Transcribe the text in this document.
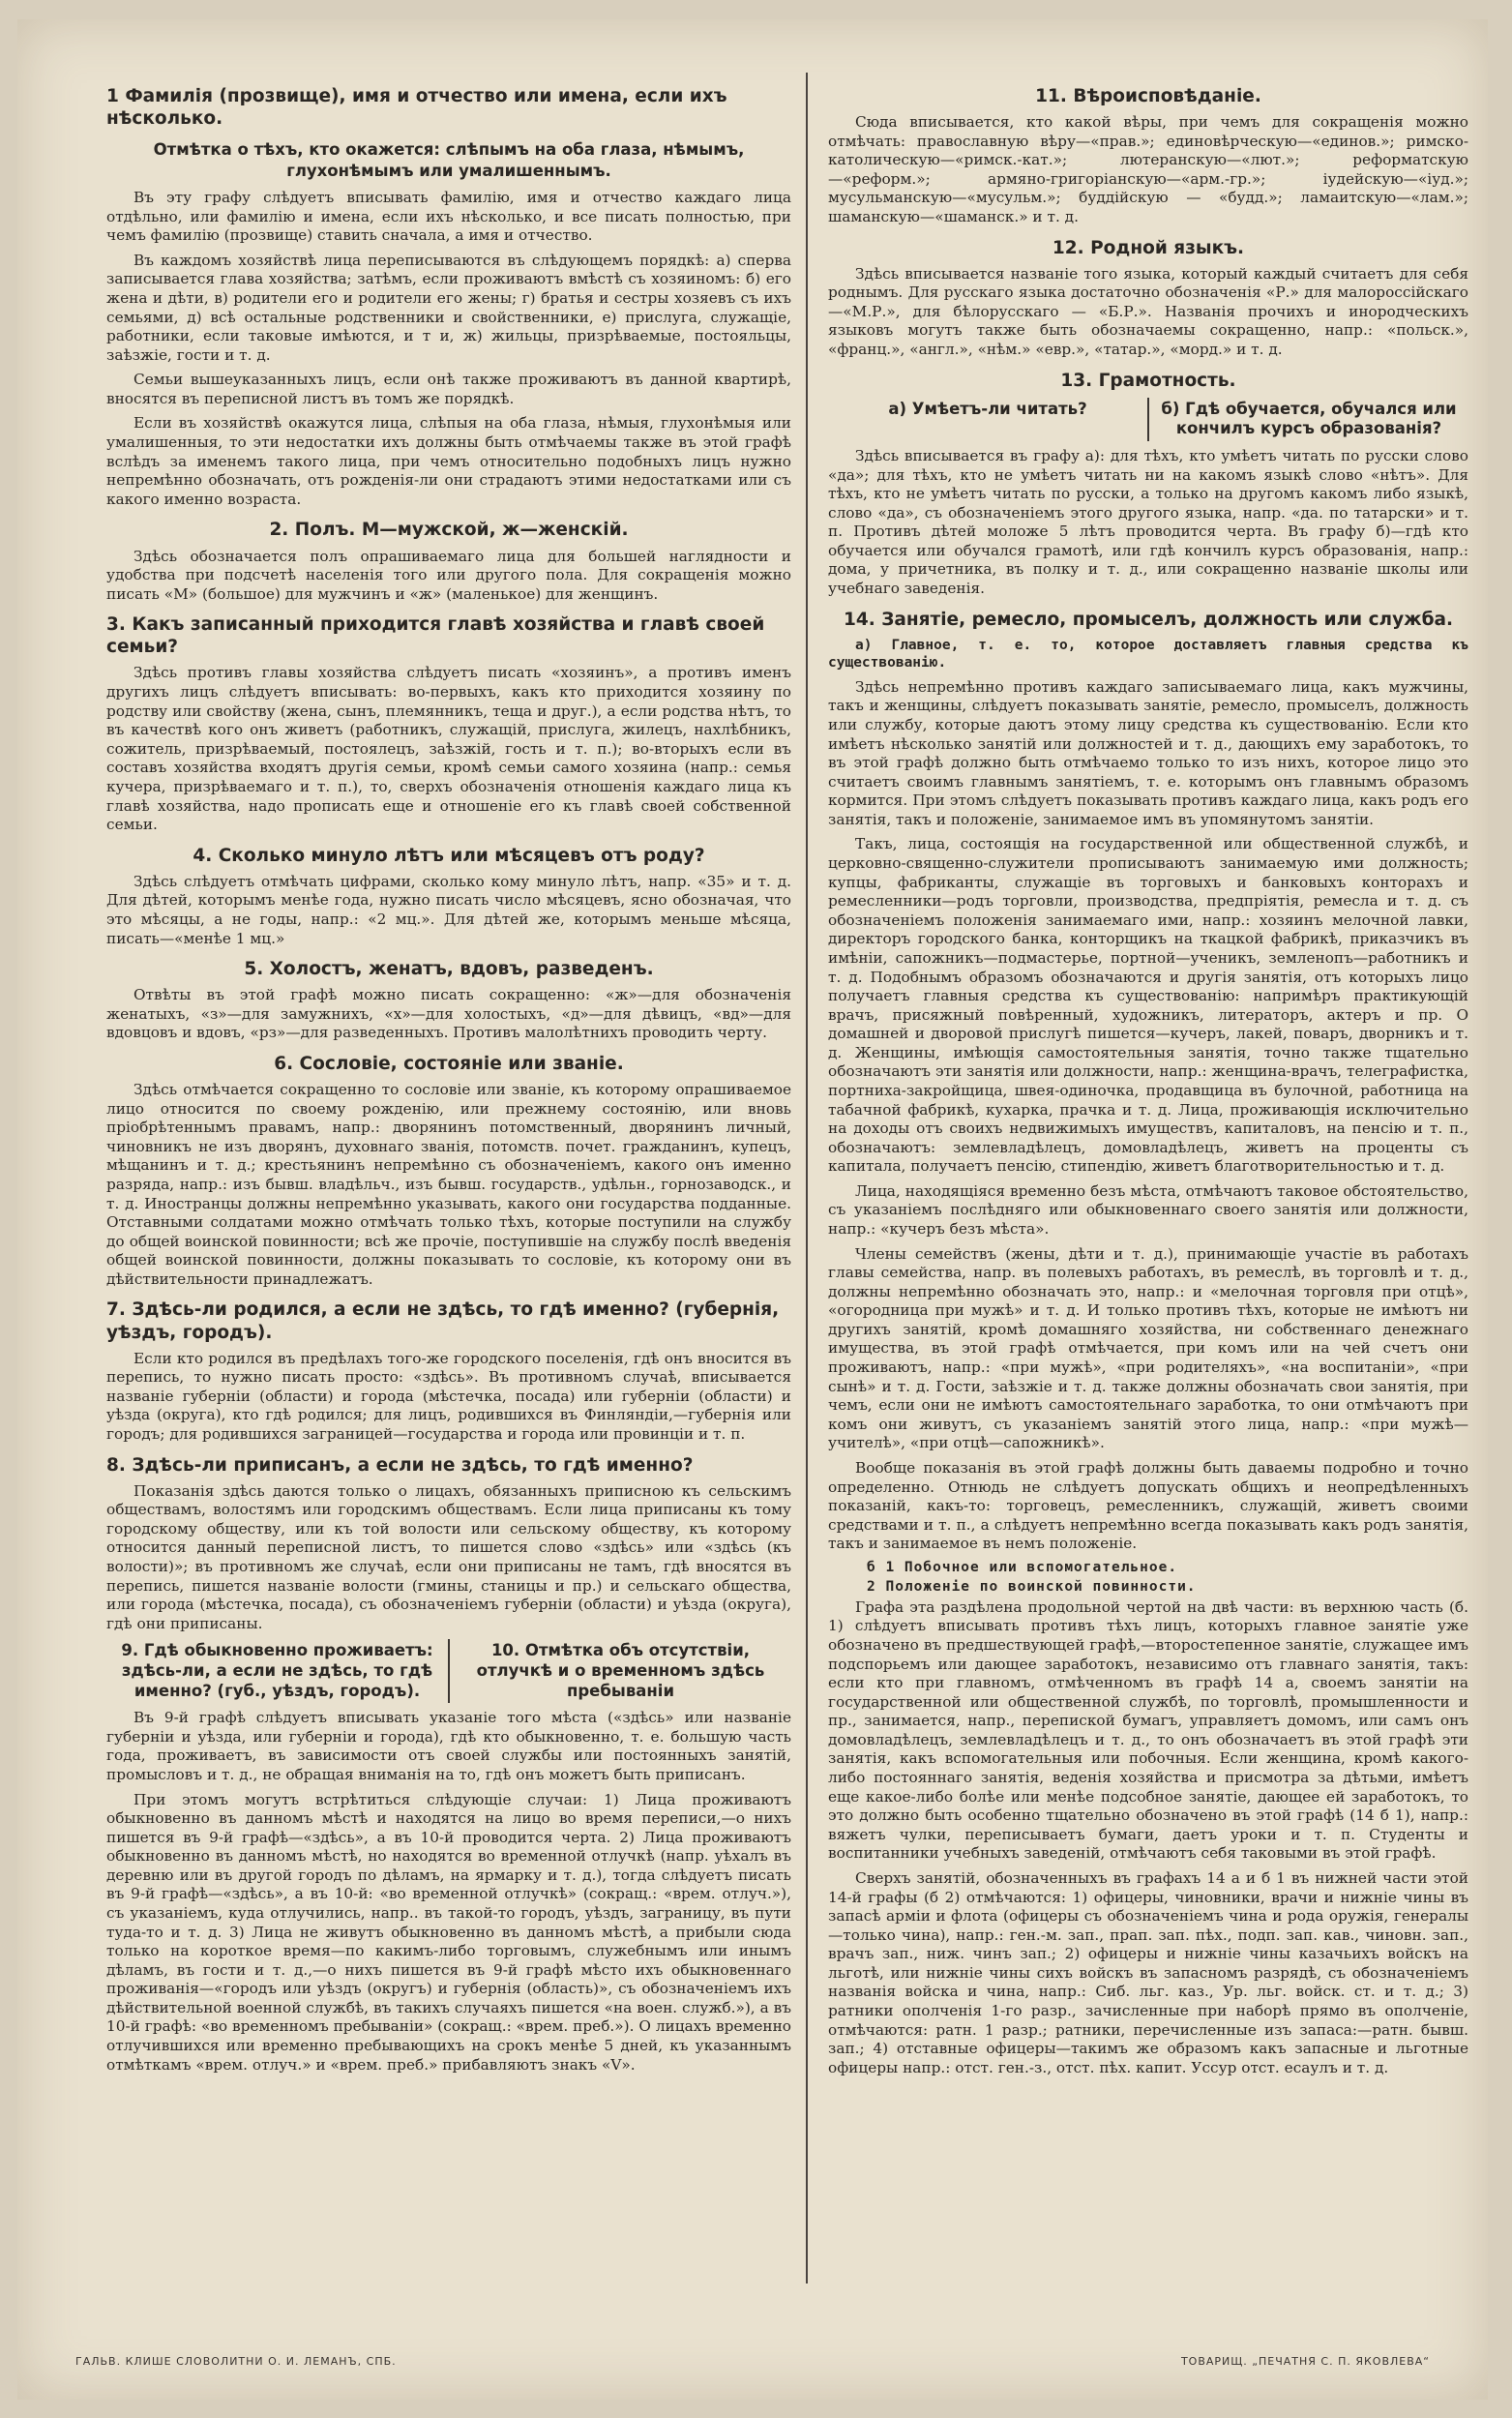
1 Фамилія (прозвище), имя и отчество или имена, если ихъ нѣсколько.
Отмѣтка о тѣхъ, кто окажется: слѣпымъ на оба глаза, нѣмымъ, глухонѣмымъ или умалишеннымъ.

Въ эту графу слѣдуетъ вписывать фамилію, имя и отчество каждаго лица отдѣльно, или фамилію и имена, если ихъ нѣсколько, и все писать полностью, при чемъ фамилію (прозвище) ставить сначала, а имя и отчество.

Въ каждомъ хозяйствѣ лица переписываются въ слѣдующемъ порядкѣ: а) сперва записывается глава хозяйства; затѣмъ, если проживаютъ вмѣстѣ съ хозяиномъ: б) его жена и дѣти, в) родители его и родители его жены; г) братья и сестры хозяевъ съ ихъ семьями, д) всѣ остальные родственники и свойственники, е) прислуга, служащіе, работники, если таковые имѣются, и т и, ж) жильцы, призрѣваемые, постояльцы, заѣзжіе, гости и т. д.

Семьи вышеуказанныхъ лицъ, если онѣ также проживаютъ въ данной квартирѣ, вносятся въ переписной листъ въ томъ же порядкѣ.

Если въ хозяйствѣ окажутся лица, слѣпыя на оба глаза, нѣмыя, глухонѣмыя или умалишенныя, то эти недостатки ихъ должны быть отмѣчаемы также въ этой графѣ вслѣдъ за именемъ такого лица, при чемъ относительно подобныхъ лицъ нужно непремѣнно обозначать, отъ рожденія-ли они страдаютъ этими недостатками или съ какого именно возраста.

2. Полъ. М—мужской, ж—женскій.

Здѣсь обозначается полъ опрашиваемаго лица для большей наглядности и удобства при подсчетѣ населенія того или другого пола. Для сокращенія можно писать «М» (большое) для мужчинъ и «ж» (маленькое) для женщинъ.

3. Какъ записанный приходится главѣ хозяйства и главѣ своей семьи?

Здѣсь противъ главы хозяйства слѣдуетъ писать «хозяинъ», а противъ именъ другихъ лицъ слѣдуетъ вписывать: во-первыхъ, какъ кто приходится хозяину по родству или свойству (жена, сынъ, племянникъ, теща и друг.), а если родства нѣтъ, то въ качествѣ кого онъ живетъ (работникъ, служащій, прислуга, жилецъ, нахлѣбникъ, сожитель, призрѣваемый, постоялецъ, заѣзжій, гость и т. п.); во-вторыхъ если въ составъ хозяйства входятъ другія семьи, кромѣ семьи самого хозяина (напр.: семья кучера, призрѣваемаго и т. п.), то, сверхъ обозначенія отношенія каждаго лица къ главѣ хозяйства, надо прописать еще и отношеніе его къ главѣ своей собственной семьи.

4. Сколько минуло лѣтъ или мѣсяцевъ отъ роду?

Здѣсь слѣдуетъ отмѣчать цифрами, сколько кому минуло лѣтъ, напр. «35» и т. д. Для дѣтей, которымъ менѣе года, нужно писать число мѣсяцевъ, ясно обозначая, что это мѣсяцы, а не годы, напр.: «2 мц.». Для дѣтей же, которымъ меньше мѣсяца, писать—«менѣе 1 мц.»

5. Холостъ, женатъ, вдовъ, разведенъ.

Отвѣты въ этой графѣ можно писать сокращенно: «ж»—для обозначенія женатыхъ, «з»—для замужнихъ, «х»—для холостыхъ, «д»—для дѣвицъ, «вд»—для вдовцовъ и вдовъ, «рз»—для разведенныхъ. Противъ малолѣтнихъ проводить черту.

6. Сословіе, состояніе или званіе.

Здѣсь отмѣчается сокращенно то сословіе или званіе, къ которому опрашиваемое лицо относится по своему рожденію, или прежнему состоянію, или вновь пріобрѣтеннымъ правамъ, напр.: дворянинъ потомственный, дворянинъ личный, чиновникъ не изъ дворянъ, духовнаго званія, потомств. почет. гражданинъ, купецъ, мѣщанинъ и т. д.; крестьянинъ непремѣнно съ обозначеніемъ, какого онъ именно разряда, напр.: изъ бывш. владѣльч., изъ бывш. государств., удѣльн., горнозаводск., и т. д. Иностранцы должны непремѣнно указывать, какого они государства подданные. Отставными солдатами можно отмѣчать только тѣхъ, которые поступили на службу до общей воинской повинности; всѣ же прочіе, поступившіе на службу послѣ введенія общей воинской повинности, должны показывать то сословіе, къ которому они въ дѣйствительности принадлежатъ.

7. Здѣсь-ли родился, а если не здѣсь, то гдѣ именно? (губернія, уѣздъ, городъ).

Если кто родился въ предѣлахъ того-же городского поселенія, гдѣ онъ вносится въ перепись, то нужно писать просто: «здѣсь». Въ противномъ случаѣ, вписывается названіе губерніи (области) и города (мѣстечка, посада) или губерніи (области) и уѣзда (округа), кто гдѣ родился; для лицъ, родившихся въ Финляндіи,—губернія или городъ; для родившихся заграницей—государства и города или провинціи и т. п.

8. Здѣсь-ли приписанъ, а если не здѣсь, то гдѣ именно?

Показанія здѣсь даются только о лицахъ, обязанныхъ приписною къ сельскимъ обществамъ, волостямъ или городскимъ обществамъ. Если лица приписаны къ тому городскому обществу, или къ той волости или сельскому обществу, къ которому относится данный переписной листъ, то пишется слово «здѣсь» или «здѣсь (къ волости)»; въ противномъ же случаѣ, если они приписаны не тамъ, гдѣ вносятся въ перепись, пишется названіе волости (гмины, станицы и пр.) и сельскаго общества, или города (мѣстечка, посада), съ обозначеніемъ губерніи (области) и уѣзда (округа), гдѣ они приписаны.

9. Гдѣ обыкновенно проживаетъ: здѣсь-ли, а если не здѣсь, то гдѣ именно? (губ., уѣздъ, городъ).
10. Отмѣтка объ отсутствіи, отлучкѣ и о временномъ здѣсь пребываніи

Въ 9-й графѣ слѣдуетъ вписывать указаніе того мѣста («здѣсь» или названіе губерніи и уѣзда, или губерніи и города), гдѣ кто обыкновенно, т. е. большую часть года, проживаетъ, въ зависимости отъ своей службы или постоянныхъ занятій, промысловъ и т. д., не обращая вниманія на то, гдѣ онъ можетъ быть приписанъ.

При этомъ могутъ встрѣтиться слѣдующіе случаи: 1) Лица проживаютъ обыкновенно въ данномъ мѣстѣ и находятся на лицо во время переписи,—о нихъ пишется въ 9-й графѣ—«здѣсь», а въ 10-й проводится черта. 2) Лица проживаютъ обыкновенно въ данномъ мѣстѣ, но находятся во временной отлучкѣ (напр. уѣхалъ въ деревню или въ другой городъ по дѣламъ, на ярмарку и т. д.), тогда слѣдуетъ писать въ 9-й графѣ—«здѣсь», а въ 10-й: «во временной отлучкѣ» (сокращ.: «врем. отлуч.»), съ указаніемъ, куда отлучились, напр.. въ такой-то городъ, уѣздъ, заграницу, въ пути туда-то и т. д. 3) Лица не живутъ обыкновенно въ данномъ мѣстѣ, а прибыли сюда только на короткое время—по какимъ-либо торговымъ, служебнымъ или инымъ дѣламъ, въ гости и т. д.,—о нихъ пишется въ 9-й графѣ мѣсто ихъ обыкновеннаго проживанія—«городъ или уѣздъ (округъ) и губернія (область)», съ обозначеніемъ ихъ дѣйствительной военной службѣ, въ такихъ случаяхъ пишется «на воен. служб.»), а въ 10-й графѣ: «во временномъ пребываніи» (сокращ.: «врем. преб.»). О лицахъ временно отлучившихся или временно пребывающихъ на срокъ менѣе 5 дней, къ указаннымъ отмѣткамъ «врем. отлуч.» и «врем. преб.» прибавляютъ знакъ «V».

11. Вѣроисповѣданіе.

Сюда вписывается, кто какой вѣры, при чемъ для сокращенія можно отмѣчать: православную вѣру—«прав.»; единовѣрческую—«единов.»; римско-католическую—«римск.-кат.»; лютеранскую—«лют.»; реформатскую—«реформ.»; армяно-григоріанскую—«арм.-гр.»; іудейскую—«іуд.»; мусульманскую—«мусульм.»; буддійскую — «будд.»; ламаитскую—«лам.»; шаманскую—«шаманск.» и т. д.

12. Родной языкъ.

Здѣсь вписывается названіе того языка, который каждый считаетъ для себя роднымъ. Для русскаго языка достаточно обозначенія «Р.» для малороссійскаго—«М.Р.», для бѣлорусскаго — «Б.Р.». Названія прочихъ и инородческихъ языковъ могутъ также быть обозначаемы сокращенно, напр.: «польск.», «франц.», «англ.», «нѣм.» «евр.», «татар.», «морд.» и т. д.

13. Грамотность.
а) Умѣетъ-ли читать?	б) Гдѣ обучается, обучался или кончилъ курсъ образованія?

Здѣсь вписывается въ графу а): для тѣхъ, кто умѣетъ читать по русски слово «да»; для тѣхъ, кто не умѣетъ читать ни на какомъ языкѣ слово «нѣтъ». Для тѣхъ, кто не умѣетъ читать по русски, а только на другомъ какомъ либо языкѣ, слово «да», съ обозначеніемъ этого другого языка, напр. «да. по татарски» и т. п. Противъ дѣтей моложе 5 лѣтъ проводится черта. Въ графу б)—гдѣ кто обучается или обучался грамотѣ, или гдѣ кончилъ курсъ образованія, напр.: дома, у причетника, въ полку и т. д., или сокращенно названіе школы или учебнаго заведенія.

14. Занятіе, ремесло, промыселъ, должность или служба.

а) Главное, т. е. то, которое доставляетъ главныя средства къ существованію.

Здѣсь непремѣнно противъ каждаго записываемаго лица, какъ мужчины, такъ и женщины, слѣдуетъ показывать занятіе, ремесло, промыселъ, должность или службу, которые даютъ этому лицу средства къ существованію. Если кто имѣетъ нѣсколько занятій или должностей и т. д., дающихъ ему заработокъ, то въ этой графѣ должно быть отмѣчаемо только то изъ нихъ, которое лицо это считаетъ своимъ главнымъ занятіемъ, т. е. которымъ онъ главнымъ образомъ кормится. При этомъ слѣдуетъ показывать противъ каждаго лица, какъ родъ его занятія, такъ и положеніе, занимаемое имъ въ упомянутомъ занятіи.

Такъ, лица, состоящія на государственной или общественной службѣ, и церковно-священно-служители прописываютъ занимаемую ими должность; купцы, фабриканты, служащіе въ торговыхъ и банковыхъ конторахъ и ремесленники—родъ торговли, производства, предпріятія, ремесла и т. д. съ обозначеніемъ положенія занимаемаго ими, напр.: хозяинъ мелочной лавки, директоръ городского банка, конторщикъ на ткацкой фабрикѣ, приказчикъ въ имѣніи, сапожникъ—подмастерье, портной—ученикъ, земленопъ—работникъ и т. д. Подобнымъ образомъ обозначаются и другія занятія, отъ которыхъ лицо получаетъ главныя средства къ существованію: напримѣръ практикующій врачъ, присяжный повѣренный, художникъ, литераторъ, актеръ и пр. О домашней и дворовой прислугѣ пишется—кучеръ, лакей, поваръ, дворникъ и т. д. Женщины, имѣющія самостоятельныя занятія, точно также тщательно обозначаютъ эти занятія или должности, напр.: женщина-врачъ, телеграфистка, портниха-закройщица, швея-одиночка, продавщица въ булочной, работница на табачной фабрикѣ, кухарка, прачка и т. д. Лица, проживающія исключительно на доходы отъ своихъ недвижимыхъ имуществъ, капиталовъ, на пенсію и т. п., обозначаютъ: землевладѣлецъ, домовладѣлецъ, живетъ на проценты съ капитала, получаетъ пенсію, стипендію, живетъ благотворительностью и т. д.

Лица, находящіяся временно безъ мѣста, отмѣчаютъ таковое обстоятельство, съ указаніемъ послѣдняго или обыкновеннаго своего занятія или должности, напр.: «кучеръ безъ мѣста».

Члены семействъ (жены, дѣти и т. д.), принимающіе участіе въ работахъ главы семейства, напр. въ полевыхъ работахъ, въ ремеслѣ, въ торговлѣ и т. д., должны непремѣнно обозначать это, напр.: и «мелочная торговля при отцѣ», «огородница при мужѣ» и т. д. И только противъ тѣхъ, которые не имѣютъ ни другихъ занятій, кромѣ домашняго хозяйства, ни собственнаго денежнаго имущества, въ этой графѣ отмѣчается, при комъ или на чей счетъ они проживаютъ, напр.: «при мужѣ», «при родителяхъ», «на воспитаніи», «при сынѣ» и т. д. Гости, заѣзжіе и т. д. также должны обозначать свои занятія, при чемъ, если они не имѣютъ самостоятельнаго заработка, то они отмѣчаютъ при комъ они живутъ, съ указаніемъ занятій этого лица, напр.: «при мужѣ—учителѣ», «при отцѣ—сапожникѣ».

Вообще показанія въ этой графѣ должны быть даваемы подробно и точно определенно. Отнюдь не слѣдуетъ допускать общихъ и неопредѣленныхъ показаній, какъ-то: торговецъ, ремесленникъ, служащій, живетъ своими средствами и т. п., а слѣдуетъ непремѣнно всегда показывать какъ родъ занятія, такъ и занимаемое въ немъ положеніе.

б 1 Побочное или вспомогательное.
2 Положеніе по воинской повинности.

Графа эта раздѣлена продольной чертой на двѣ части: въ верхнюю часть (б. 1) слѣдуетъ вписывать противъ тѣхъ лицъ, которыхъ главное занятіе уже обозначено въ предшествующей графѣ,—второстепенное занятіе, служащее имъ подспорьемъ или дающее заработокъ, независимо отъ главнаго занятія, такъ: если кто при главномъ, отмѣченномъ въ графѣ 14 а, своемъ занятіи на государственной или общественной службѣ, по торговлѣ, промышленности и пр., занимается, напр., перепиской бумагъ, управляетъ домомъ, или самъ онъ домовладѣлецъ, землевладѣлецъ и т. д., то онъ обозначаетъ въ этой графѣ эти занятія, какъ вспомогательныя или побочныя. Если женщина, кромѣ какого-либо постояннаго занятія, веденія хозяйства и присмотра за дѣтьми, имѣетъ еще какое-либо болѣе или менѣе подсобное занятіе, дающее ей заработокъ, то это должно быть особенно тщательно обозначено въ этой графѣ (14 б 1), напр.: вяжетъ чулки, переписываетъ бумаги, даетъ уроки и т. п. Студенты и воспитанники учебныхъ заведеній, отмѣчаютъ себя таковыми въ этой графѣ.

Сверхъ занятій, обозначенныхъ въ графахъ 14 а и б 1 въ нижней части этой 14-й графы (б 2) отмѣчаются: 1) офицеры, чиновники, врачи и нижніе чины въ запасѣ арміи и флота (офицеры съ обозначеніемъ чина и рода оружія, генералы—только чина), напр.: ген.-м. зап., прап. зап. пѣх., подп. зап. кав., чиновн. зап., врачъ зап., ниж. чинъ зап.; 2) офицеры и нижніе чины казачьихъ войскъ на льготѣ, или нижніе чины сихъ войскъ въ запасномъ разрядѣ, съ обозначеніемъ названія войска и чина, напр.: Сиб. льг. каз., Ур. льг. войск. ст. и т. д.; 3) ратники ополченія 1-го разр., зачисленные при наборѣ прямо въ ополченіе, отмѣчаются: ратн. 1 разр.; ратники, перечисленные изъ запаса:—ратн. бывш. зап.; 4) отставные офицеры—такимъ же образомъ какъ запасные и льготные офицеры напр.: отст. ген.-з., отст. пѣх. капит. Уссур отст. есаулъ и т. д.

ГАЛЬВ. КЛИШЕ СЛОВОЛИТНИ О. И. ЛЕМАНЪ, СПБ.	ТОВАРИЩ. „ПЕЧАТНЯ С. П. ЯКОВЛЕВА“
